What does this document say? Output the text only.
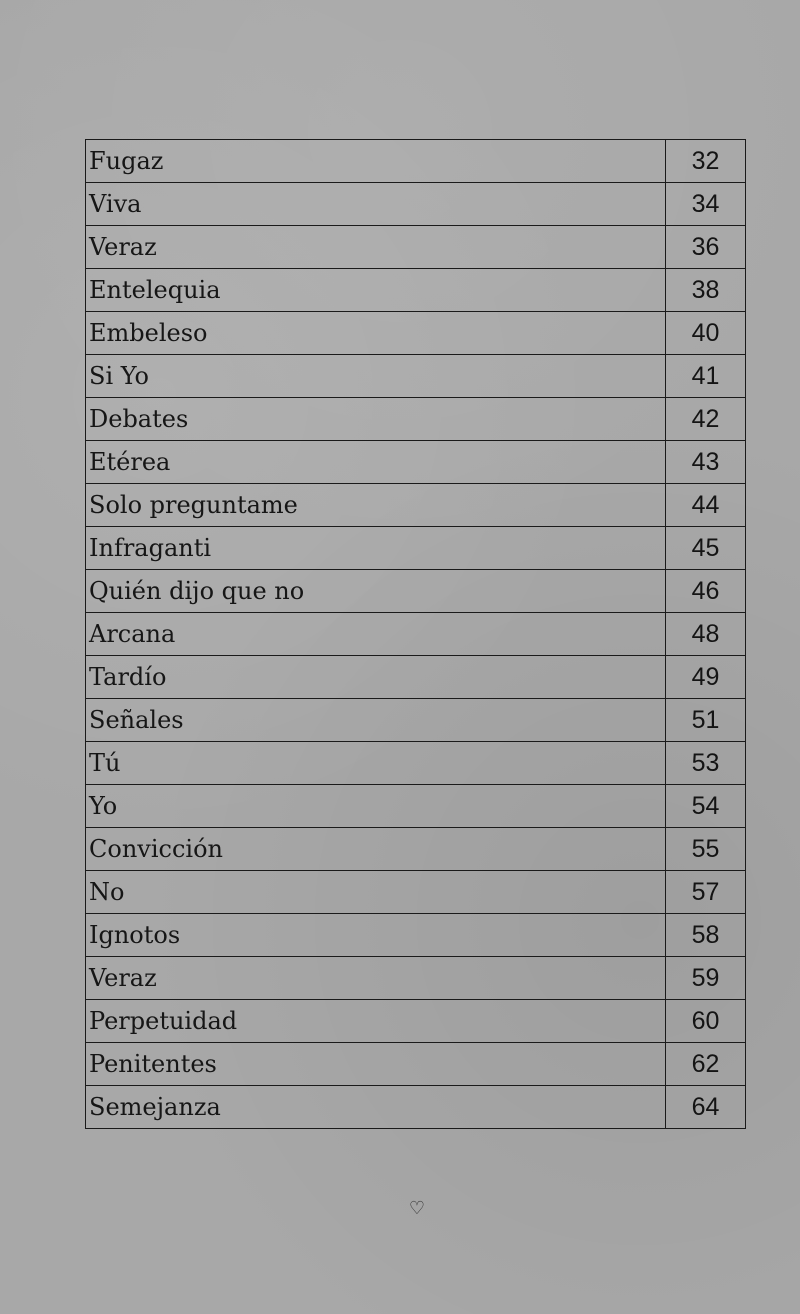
Fugaz	32
Viva	34
Veraz	36
Entelequia	38
Embeleso	40
Si Yo	41
Debates	42
Etérea	43
Solo preguntame	44
Infraganti	45
Quién dijo que no	46
Arcana	48
Tardío	49
Señales	51
Tú	53
Yo	54
Convicción	55
No	57
Ignotos	58
Veraz	59
Perpetuidad	60
Penitentes	62
Semejanza	64
♡
